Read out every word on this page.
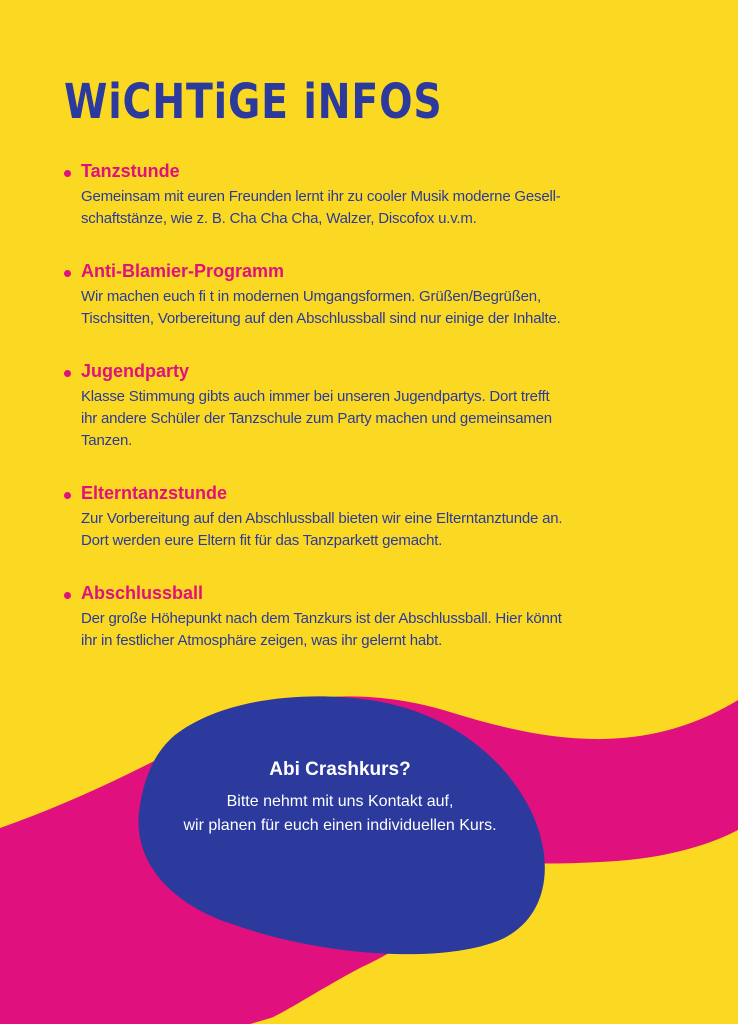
WiCHTiGE iNFOS
Tanzstunde

Gemeinsam mit euren Freunden lernt ihr zu cooler Musik moderne Gesell-
schaftstänze, wie z. B. Cha Cha Cha, Walzer, Discofox u.v.m.

Anti-Blamier-Programm

Wir machen euch fi t in modernen Umgangsformen. Grüßen/Begrüßen,
Tischsitten, Vorbereitung auf den Abschlussball sind nur einige der Inhalte.

Jugendparty

Klasse Stimmung gibts auch immer bei unseren Jugendpartys. Dort trefft
ihr andere Schüler der Tanzschule zum Party machen und gemeinsamen
Tanzen.

Elterntanzstunde

Zur Vorbereitung auf den Abschlussball bieten wir eine Elterntanztunde an.
Dort werden eure Eltern fit für das Tanzparkett gemacht.

Abschlussball

Der große Höhepunkt nach dem Tanzkurs ist der Abschlussball. Hier könnt
ihr in festlicher Atmosphäre zeigen, was ihr gelernt habt.

Abi Crashkurs?

Bitte nehmt mit uns Kontakt auf,
wir planen für euch einen individuellen Kurs.
